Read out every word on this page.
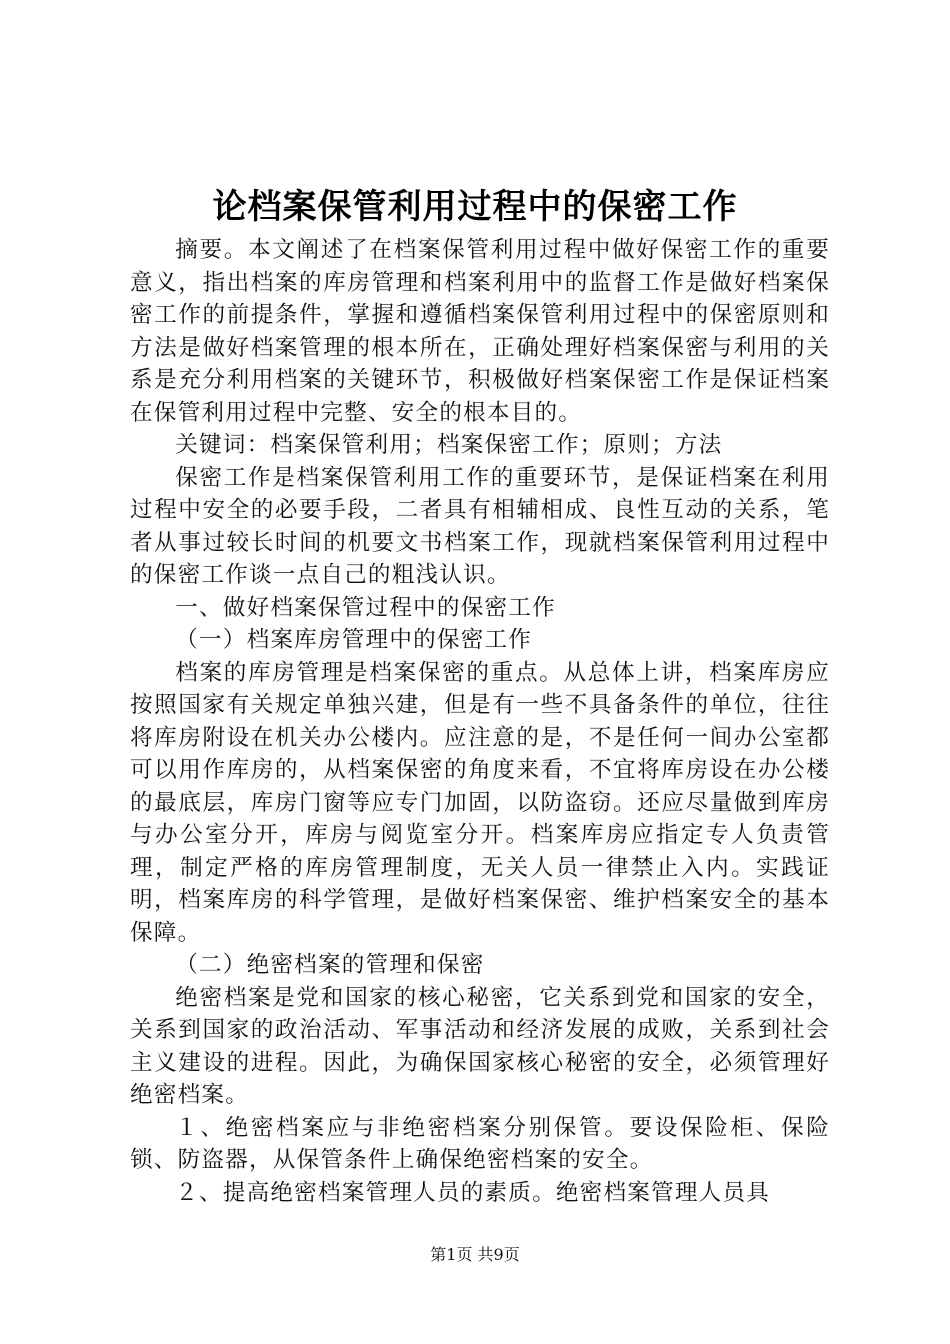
论档案保管利用过程中的保密工作

摘要。本文阐述了在档案保管利用过程中做好保密工作的重要意义，指出档案的库房管理和档案利用中的监督工作是做好档案保密工作的前提条件，掌握和遵循档案保管利用过程中的保密原则和方法是做好档案管理的根本所在，正确处理好档案保密与利用的关系是充分利用档案的关键环节，积极做好档案保密工作是保证档案在保管利用过程中完整、安全的根本目的。

关键词：档案保管利用；档案保密工作；原则；方法

保密工作是档案保管利用工作的重要环节，是保证档案在利用过程中安全的必要手段，二者具有相辅相成、良性互动的关系，笔者从事过较长时间的机要文书档案工作，现就档案保管利用过程中的保密工作谈一点自己的粗浅认识。

一、做好档案保管过程中的保密工作

（一）档案库房管理中的保密工作

档案的库房管理是档案保密的重点。从总体上讲，档案库房应按照国家有关规定单独兴建，但是有一些不具备条件的单位，往往将库房附设在机关办公楼内。应注意的是，不是任何一间办公室都可以用作库房的，从档案保密的角度来看，不宜将库房设在办公楼的最底层，库房门窗等应专门加固，以防盗窃。还应尽量做到库房与办公室分开，库房与阅览室分开。档案库房应指定专人负责管理，制定严格的库房管理制度，无关人员一律禁止入内。实践证明，档案库房的科学管理，是做好档案保密、维护档案安全的基本保障。

（二）绝密档案的管理和保密

绝密档案是党和国家的核心秘密，它关系到党和国家的安全，关系到国家的政治活动、军事活动和经济发展的成败，关系到社会主义建设的进程。因此，为确保国家核心秘密的安全，必须管理好绝密档案。

１、绝密档案应与非绝密档案分别保管。要设保险柜、保险锁、防盗器，从保管条件上确保绝密档案的安全。

２、提高绝密档案管理人员的素质。绝密档案管理人员具

第1页 共9页
